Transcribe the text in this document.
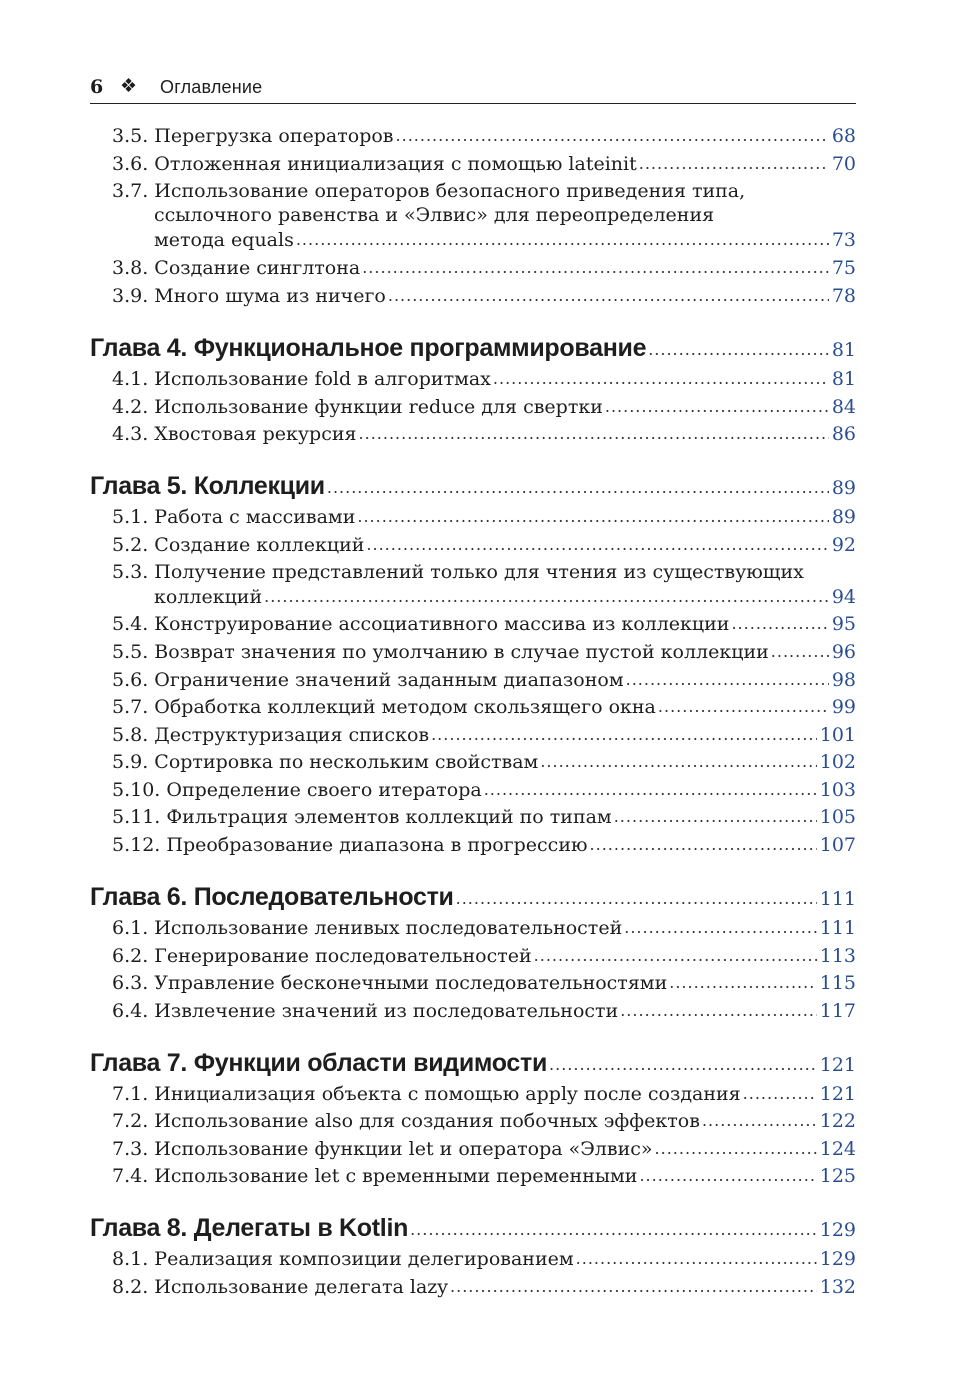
6 ❖ Оглавление
3.5. Перегрузка операторов .....	68
3.6. Отложенная инициализация с помощью lateinit .....	70
3.7. Использование операторов безопасного приведения типа,
ссылочного равенства и «Элвис» для переопределения
метода equals .....	73
3.8. Создание синглтона .....	75
3.9. Много шума из ничего .....	78
Глава 4. Функциональное программирование .....	81
4.1. Использование fold в алгоритмах .....	81
4.2. Использование функции reduce для свертки .....	84
4.3. Хвостовая рекурсия .....	86
Глава 5. Коллекции .....	89
5.1. Работа с массивами .....	89
5.2. Создание коллекций .....	92
5.3. Получение представлений только для чтения из существующих
коллекций .....	94
5.4. Конструирование ассоциативного массива из коллекции .....	95
5.5. Возврат значения по умолчанию в случае пустой коллекции .....	96
5.6. Ограничение значений заданным диапазоном .....	98
5.7. Обработка коллекций методом скользящего окна .....	99
5.8. Деструктуризация списков .....	101
5.9. Сортировка по нескольким свойствам .....	102
5.10. Определение своего итератора .....	103
5.11. Фильтрация элементов коллекций по типам .....	105
5.12. Преобразование диапазона в прогрессию .....	107
Глава 6. Последовательности .....	111
6.1. Использование ленивых последовательностей .....	111
6.2. Генерирование последовательностей .....	113
6.3. Управление бесконечными последовательностями .....	115
6.4. Извлечение значений из последовательности .....	117
Глава 7. Функции области видимости .....	121
7.1. Инициализация объекта с помощью apply после создания .....	121
7.2. Использование also для создания побочных эффектов .....	122
7.3. Использование функции let и оператора «Элвис» .....	124
7.4. Использование let с временными переменными .....	125
Глава 8. Делегаты в Kotlin .....	129
8.1. Реализация композиции делегированием .....	129
8.2. Использование делегата lazy .....	132
